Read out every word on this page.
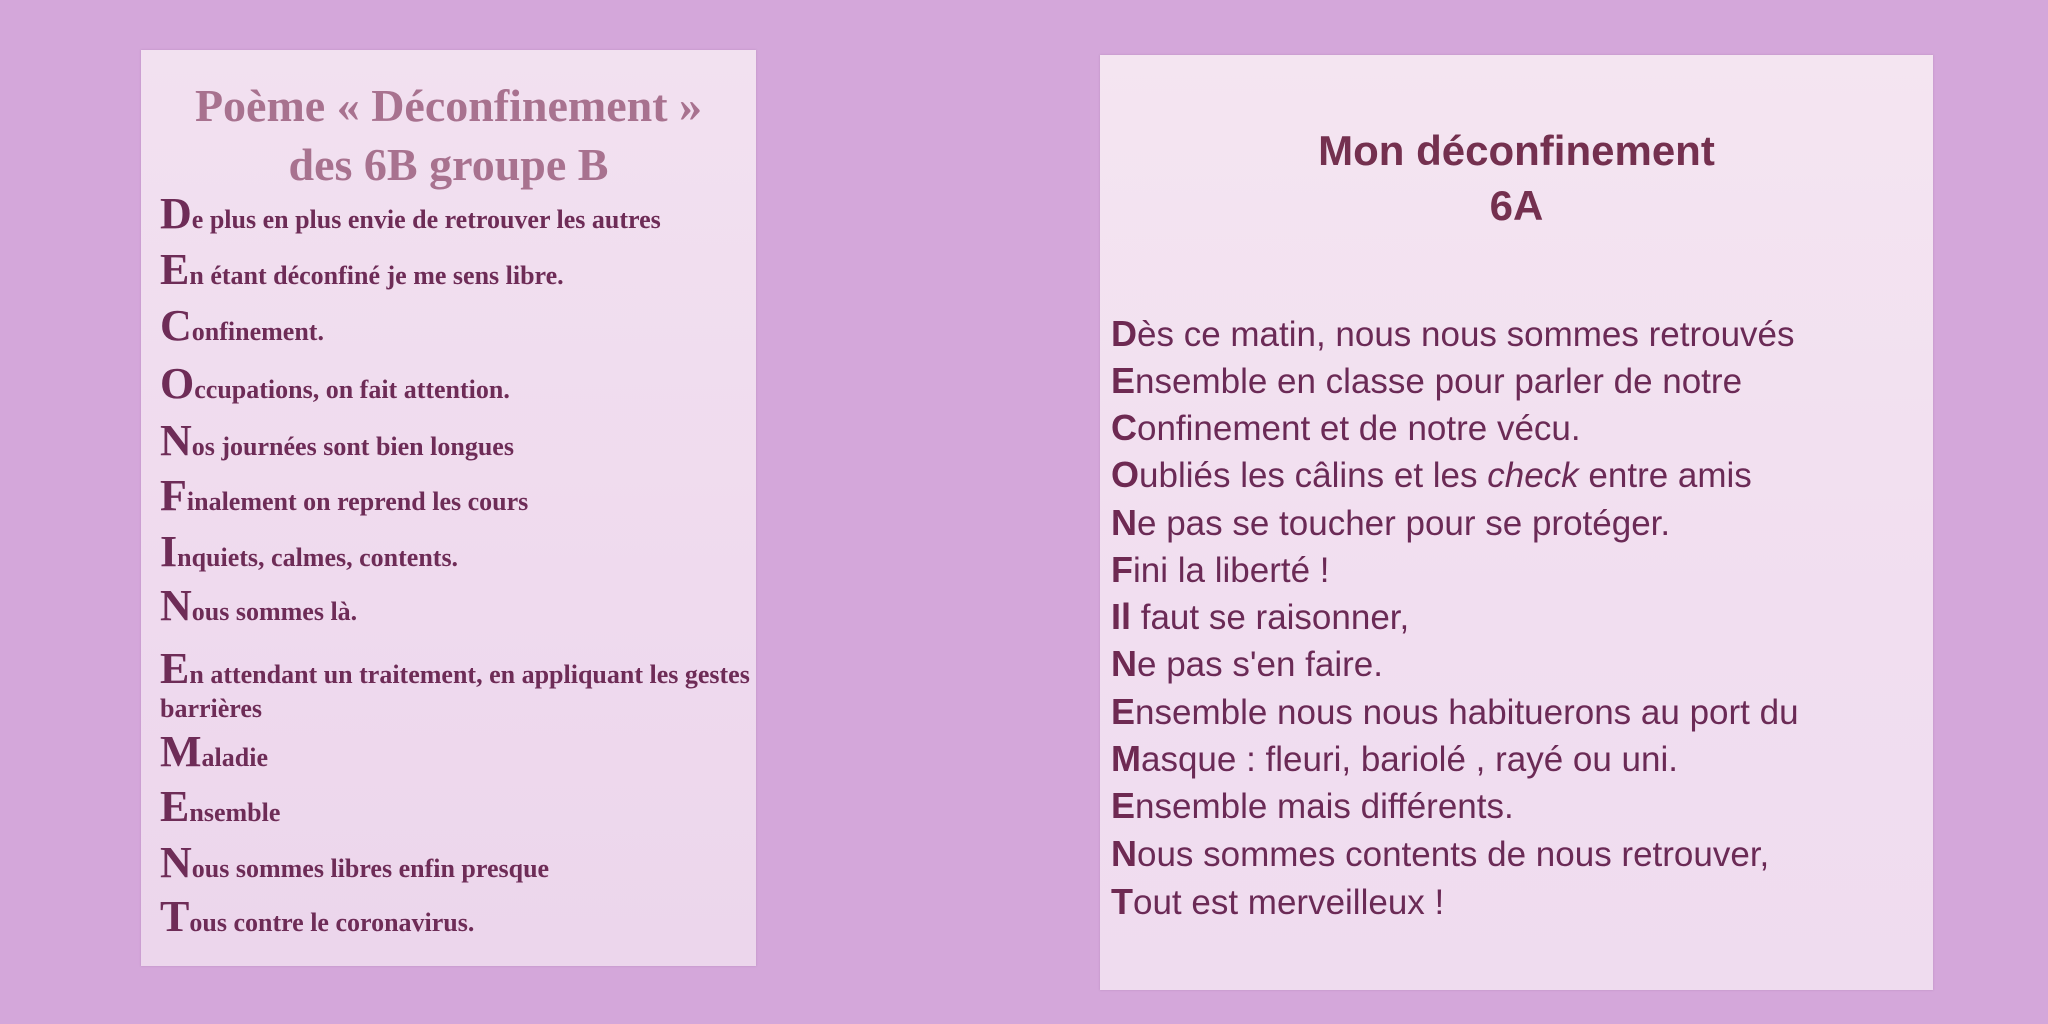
Poème « Déconfinement »
des 6B groupe B
De plus en plus envie de retrouver les autres
En étant déconfiné je me sens libre.
Confinement.
Occupations, on fait attention.
Nos journées sont bien longues
Finalement on reprend les cours
Inquiets, calmes, contents.
Nous sommes là.
En attendant un traitement, en appliquant les gestes barrières
Maladie
Ensemble
Nous sommes libres enfin presque
Tous contre le coronavirus.
Mon déconfinement
6A
Dès ce matin, nous nous sommes retrouvés
Ensemble en classe pour parler de notre
Confinement et de notre vécu.
Oubliés les câlins et les check entre amis
Ne pas se toucher pour se protéger.
Fini la liberté !
Il faut se raisonner,
Ne pas s'en faire.
Ensemble nous nous habituerons au port du
Masque : fleuri, bariolé , rayé ou uni.
Ensemble mais différents.
Nous sommes contents de nous retrouver,
Tout est merveilleux !
